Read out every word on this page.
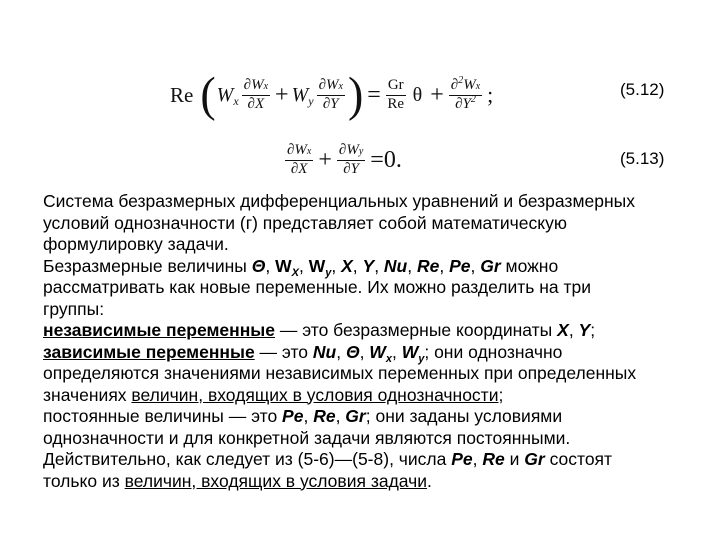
Re ( W x $\frac{\partial Wx}{\partial X} + W$ y $\frac{\partial Wx}{\partial Y}$ ) = $\frac{Gr}{Re}$ $\theta + \frac{\partial^2Wx}{\partial Y^2}$ ;	(5.12)
$\frac{\partial Wx}{\partial X} + \frac{\partial Wy}{\partial Y} =0$.	(5.13)
Система безразмерных дифференциальных уравнений и безразмерных
условий однозначности (г) представляет собой математическую
формулировку задачи.
Безразмерные величины Θ, $W_X$, $W_y$, X, Y, Nu, Re, Pe, Gr можно
рассматривать как новые переменные. Их можно разделить на три
группы:
независимые переменные — это безразмерные координаты X, Y;
зависимые переменные — это Nu, Θ, $W_x$, $W_y$; они однозначно
определяются значениями независимых переменных при определенных
значениях величин, входящих в условия однозначности;
постоянные величины — это Pe, Re, Gr; они заданы условиями
однозначности и для конкретной задачи являются постоянными.
Действительно, как следует из (5-6)—(5-8), числа Pe, Re и Gr состоят
только из величин, входящих в условия задачи.
